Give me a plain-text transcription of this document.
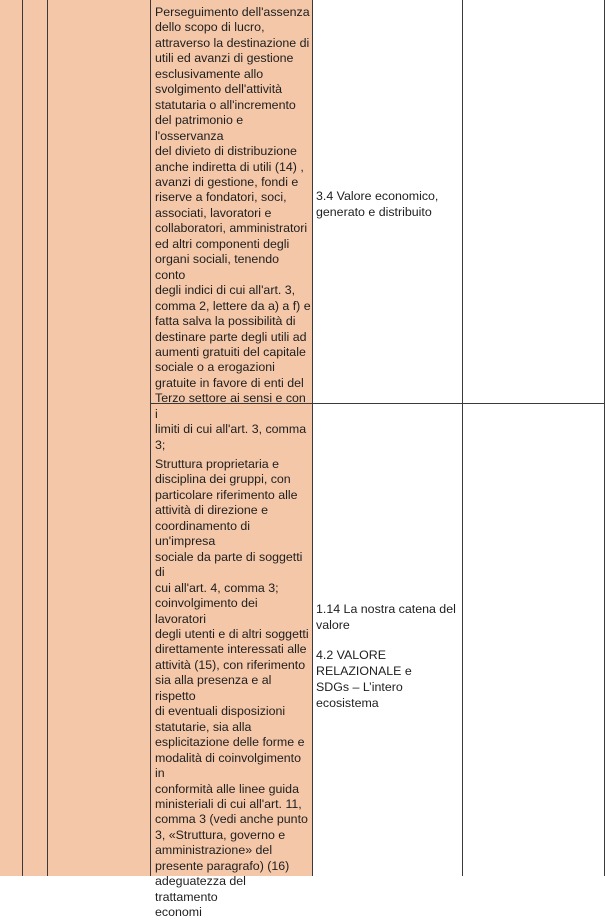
Perseguimento dell'assenza
dello scopo di lucro,
attraverso la destinazione di
utili ed avanzi di gestione
esclusivamente allo
svolgimento dell'attività
statutaria o all'incremento
del patrimonio e l'osservanza
del divieto di distribuzione
anche indiretta di utili (14) ,
avanzi di gestione, fondi e
riserve a fondatori, soci,
associati, lavoratori e
collaboratori, amministratori
ed altri componenti degli
organi sociali, tenendo conto
degli indici di cui all'art. 3,
comma 2, lettere da a) a f) e
fatta salva la possibilità di
destinare parte degli utili ad
aumenti gratuiti del capitale
sociale o a erogazioni
gratuite in favore di enti del
Terzo settore ai sensi e con i
limiti di cui all'art. 3, comma
3;
3.4 Valore economico,
generato e distribuito
Struttura proprietaria e
disciplina dei gruppi, con
particolare riferimento alle
attività di direzione e
coordinamento di un'impresa
sociale da parte di soggetti di
cui all'art. 4, comma 3;
coinvolgimento dei lavoratori
degli utenti e di altri soggetti
direttamente interessati alle
attività (15), con riferimento
sia alla presenza e al rispetto
di eventuali disposizioni
statutarie, sia alla
esplicitazione delle forme e
modalità di coinvolgimento in
conformità alle linee guida
ministeriali di cui all'art. 11,
comma 3 (vedi anche punto
3, «Struttura, governo e
amministrazione» del
presente paragrafo) (16)
adeguatezza del trattamento
economi
1.14 La nostra catena del
valore
4.2 VALORE RELAZIONALE e
SDGs – L’intero ecosistema
